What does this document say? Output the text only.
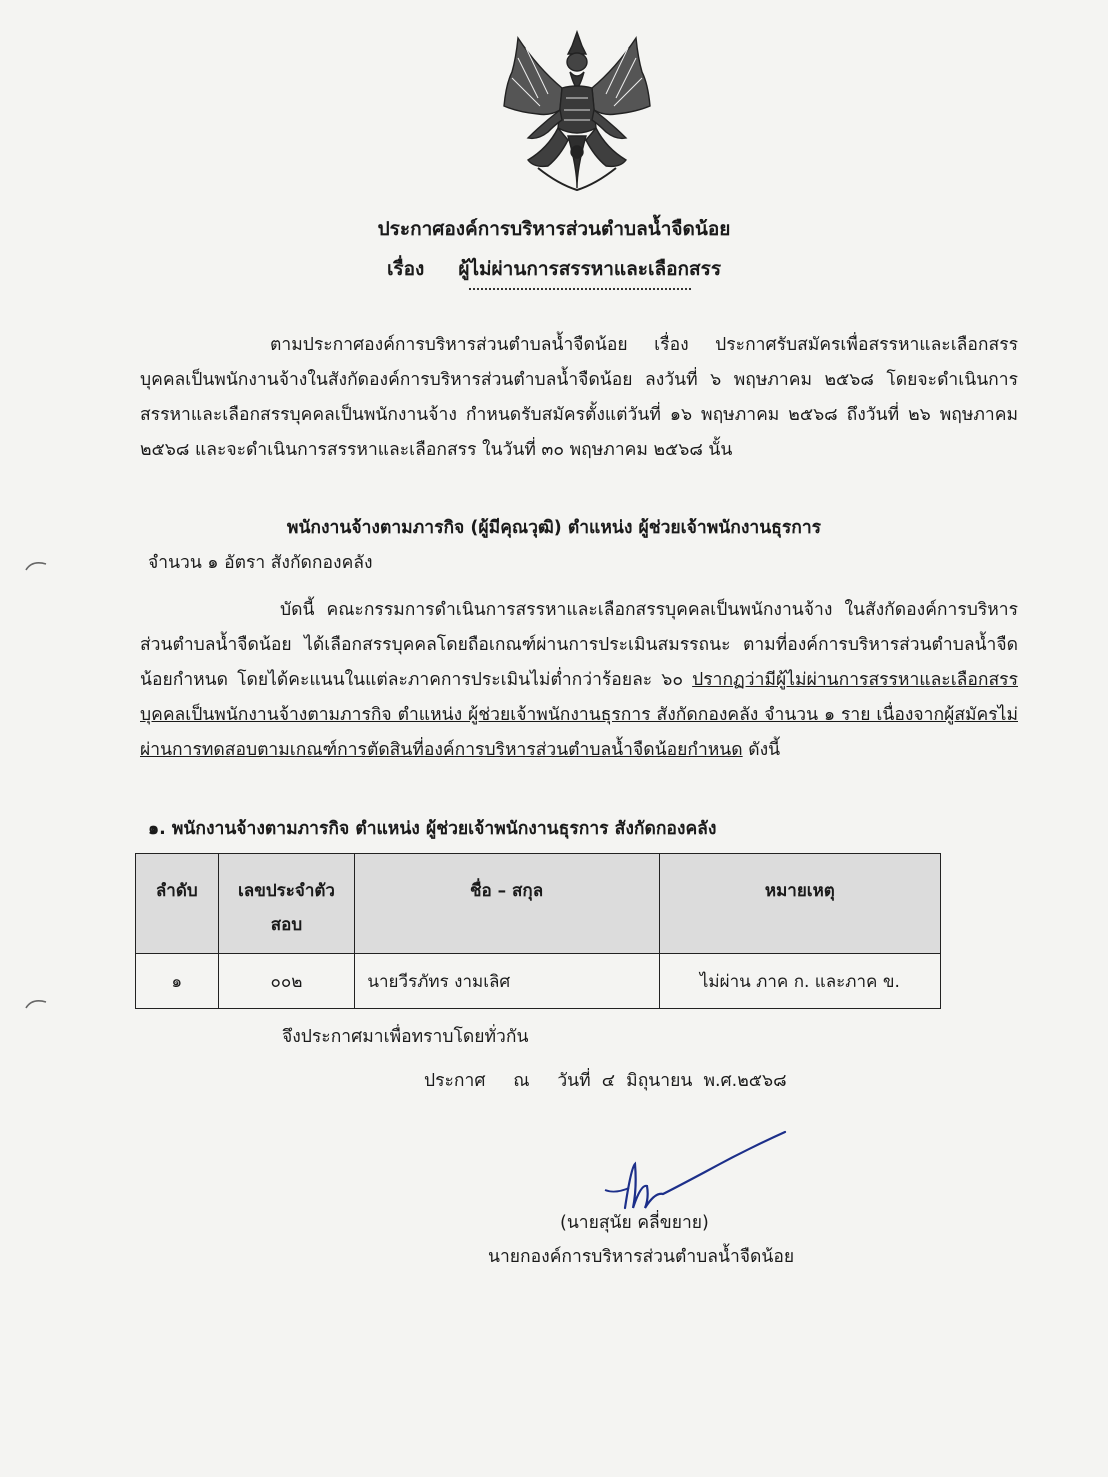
ประกาศองค์การบริหารส่วนตำบลน้ำจืดน้อย
เรื่อง ผู้ไม่ผ่านการสรรหาและเลือกสรร
ตามประกาศองค์การบริหารส่วนตำบลน้ำจืดน้อย เรื่อง ประกาศรับสมัครเพื่อสรรหาและเลือกสรรบุคคลเป็นพนักงานจ้างในสังกัดองค์การบริหารส่วนตำบลน้ำจืดน้อย ลงวันที่ ๖ พฤษภาคม ๒๕๖๘ โดยจะดำเนินการสรรหาและเลือกสรรบุคคลเป็นพนักงานจ้าง กำหนดรับสมัครตั้งแต่วันที่ ๑๖ พฤษภาคม ๒๕๖๘ ถึงวันที่ ๒๖ พฤษภาคม ๒๕๖๘ และจะดำเนินการสรรหาและเลือกสรร ในวันที่ ๓๐ พฤษภาคม ๒๕๖๘ นั้น
พนักงานจ้างตามภารกิจ (ผู้มีคุณวุฒิ) ตำแหน่ง ผู้ช่วยเจ้าพนักงานธุรการ
จำนวน ๑ อัตรา สังกัดกองคลัง
บัดนี้ คณะกรรมการดำเนินการสรรหาและเลือกสรรบุคคลเป็นพนักงานจ้าง ในสังกัดองค์การบริหารส่วนตำบลน้ำจืดน้อย ได้เลือกสรรบุคคลโดยถือเกณฑ์ผ่านการประเมินสมรรถนะ ตามที่องค์การบริหารส่วนตำบลน้ำจืดน้อยกำหนด โดยได้คะแนนในแต่ละภาคการประเมินไม่ต่ำกว่าร้อยละ ๖๐ ปรากฏว่ามีผู้ไม่ผ่านการสรรหาและเลือกสรรบุคคลเป็นพนักงานจ้างตามภารกิจ ตำแหน่ง ผู้ช่วยเจ้าพนักงานธุรการ สังกัดกองคลัง จำนวน ๑ ราย เนื่องจากผู้สมัครไม่ผ่านการทดสอบตามเกณฑ์การตัดสินที่องค์การบริหารส่วนตำบลน้ำจืดน้อยกำหนด ดังนี้
๑. พนักงานจ้างตามภารกิจ ตำแหน่ง ผู้ช่วยเจ้าพนักงานธุรการ สังกัดกองคลัง
ลำดับ	เลขประจำตัว สอบ	ชื่อ – สกุล	หมายเหตุ
๑	๐๐๒	นายวีรภัทร งามเลิศ	ไม่ผ่าน ภาค ก. และภาค ข.
จึงประกาศมาเพื่อทราบโดยทั่วกัน
ประกาศ ณ วันที่  ๔  มิถุนายน  พ.ศ.๒๕๖๘
(นายสุนัย คลี่ขยาย)
นายกองค์การบริหารส่วนตำบลน้ำจืดน้อย
